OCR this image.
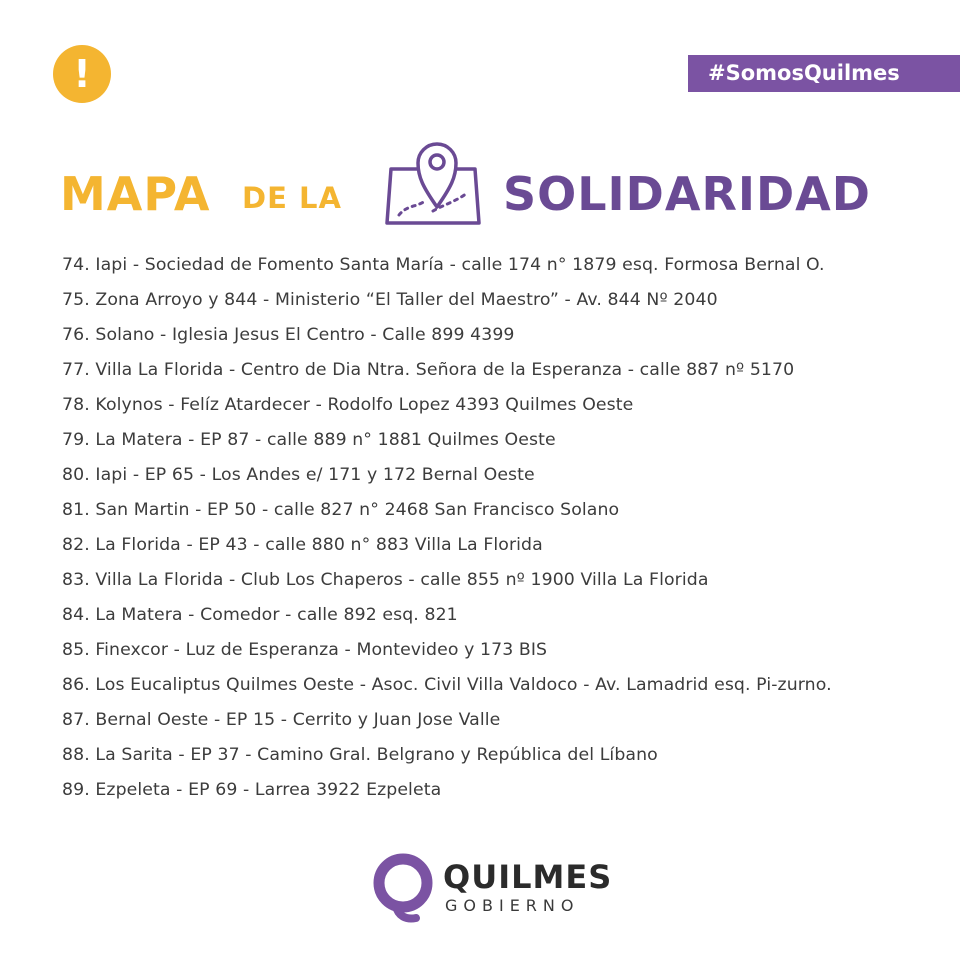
!	#SomosQuilmes
MAPA DE LA	SOLIDARIDAD
74. Iapi - Sociedad de Fomento Santa María - calle 174 n° 1879 esq. Formosa Bernal O.
75. Zona Arroyo y 844 - Ministerio “El Taller del Maestro” - Av. 844 Nº 2040
76. Solano - Iglesia Jesus El Centro - Calle 899 4399
77. Villa La Florida - Centro de Dia Ntra. Señora de la Esperanza - calle 887 nº 5170
78. Kolynos - Felíz Atardecer - Rodolfo Lopez 4393 Quilmes Oeste
79. La Matera - EP 87 - calle 889 n° 1881 Quilmes Oeste
80. Iapi - EP 65 - Los Andes e/ 171 y 172 Bernal Oeste
81. San Martin - EP 50 - calle 827 n° 2468 San Francisco Solano
82. La Florida - EP 43 - calle 880 n° 883 Villa La Florida
83. Villa La Florida - Club Los Chaperos - calle 855 nº 1900 Villa La Florida
84. La Matera - Comedor - calle 892 esq. 821
85. Finexcor - Luz de Esperanza - Montevideo y 173 BIS
86. Los Eucaliptus Quilmes Oeste - Asoc. Civil Villa Valdoco - Av. Lamadrid esq. Pi-zurno.
87. Bernal Oeste - EP 15 - Cerrito y Juan Jose Valle
88. La Sarita - EP 37 - Camino Gral. Belgrano y República del Líbano
89. Ezpeleta - EP 69 - Larrea 3922 Ezpeleta
QUILMES
GOBIERNO
